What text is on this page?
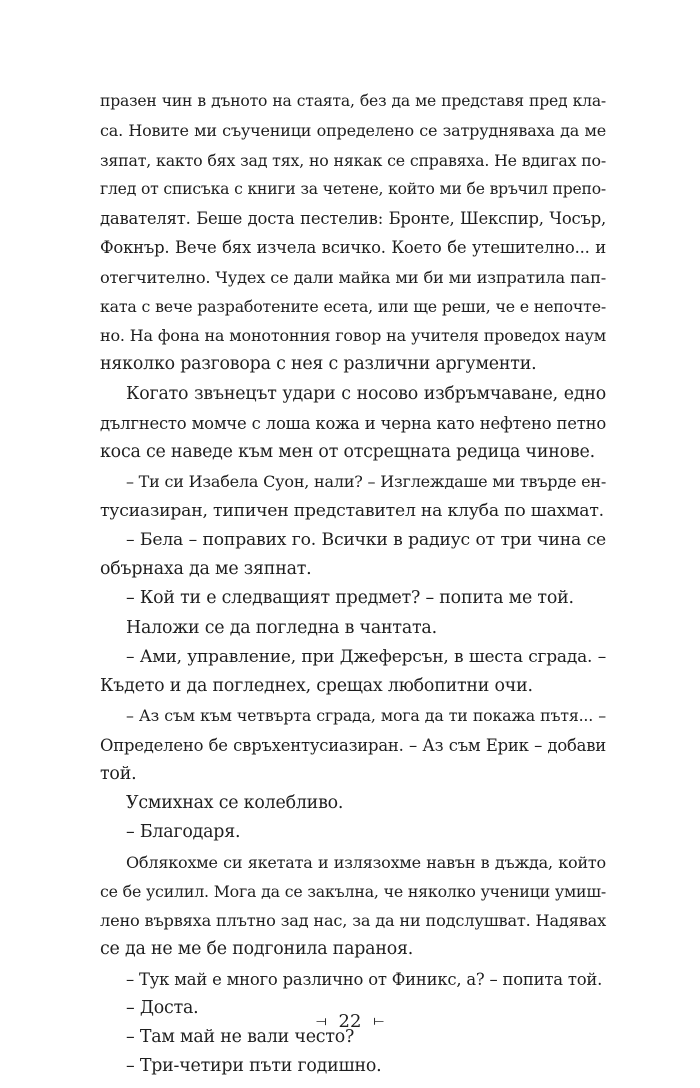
празен чин в дъното на стаята, без да ме представя пред кла-
са. Новите ми съученици определено се затрудняваха да ме
зяпат, както бях зад тях, но някак се справяха. Не вдигах по-
глед от списъка с книги за четене, който ми бе връчил препо-
давателят. Беше доста пестелив: Бронте, Шекспир, Чосър,
Фокнър. Вече бях изчела всичко. Което бе утешително... и
отегчително. Чудех се дали майка ми би ми изпратила пап-
ката с вече разработените есета, или ще реши, че е непочте-
но. На фона на монотонния говор на учителя проведох наум
няколко разговора с нея с различни аргументи.
Когато звънецът удари с носово избръмчаване, едно
дългнесто момче с лоша кожа и черна като нефтено петно
коса се наведе към мен от отсрещната редица чинове.
– Ти си Изабела Суон, нали? – Изглеждаше ми твърде ен-
тусиазиран, типичен представител на клуба по шахмат.
– Бела – поправих го. Всички в радиус от три чина се
обърнаха да ме зяпнат.
– Кой ти е следващият предмет? – попита ме той.
Наложи се да погледна в чантата.
– Ами, управление, при Джеферсън, в шеста сграда. –
Където и да погледнех, срещах любопитни очи.
– Аз съм към четвърта сграда, мога да ти покажа пътя... –
Определено бе свръхентусиазиран. – Аз съм Ерик – добави
той.
Усмихнах се колебливо.
– Благодаря.
Облякохме си якетата и излязохме навън в дъжда, който
се бе усилил. Мога да се закълна, че няколко ученици умиш-
лено вървяха плътно зад нас, за да ни подслушват. Надявах
се да не ме бе подгонила параноя.
– Тук май е много различно от Финикс, а? – попита той.
– Доста.
– Там май не вали често?
– Три-четири пъти годишно.
⟞ 22 ⟝
